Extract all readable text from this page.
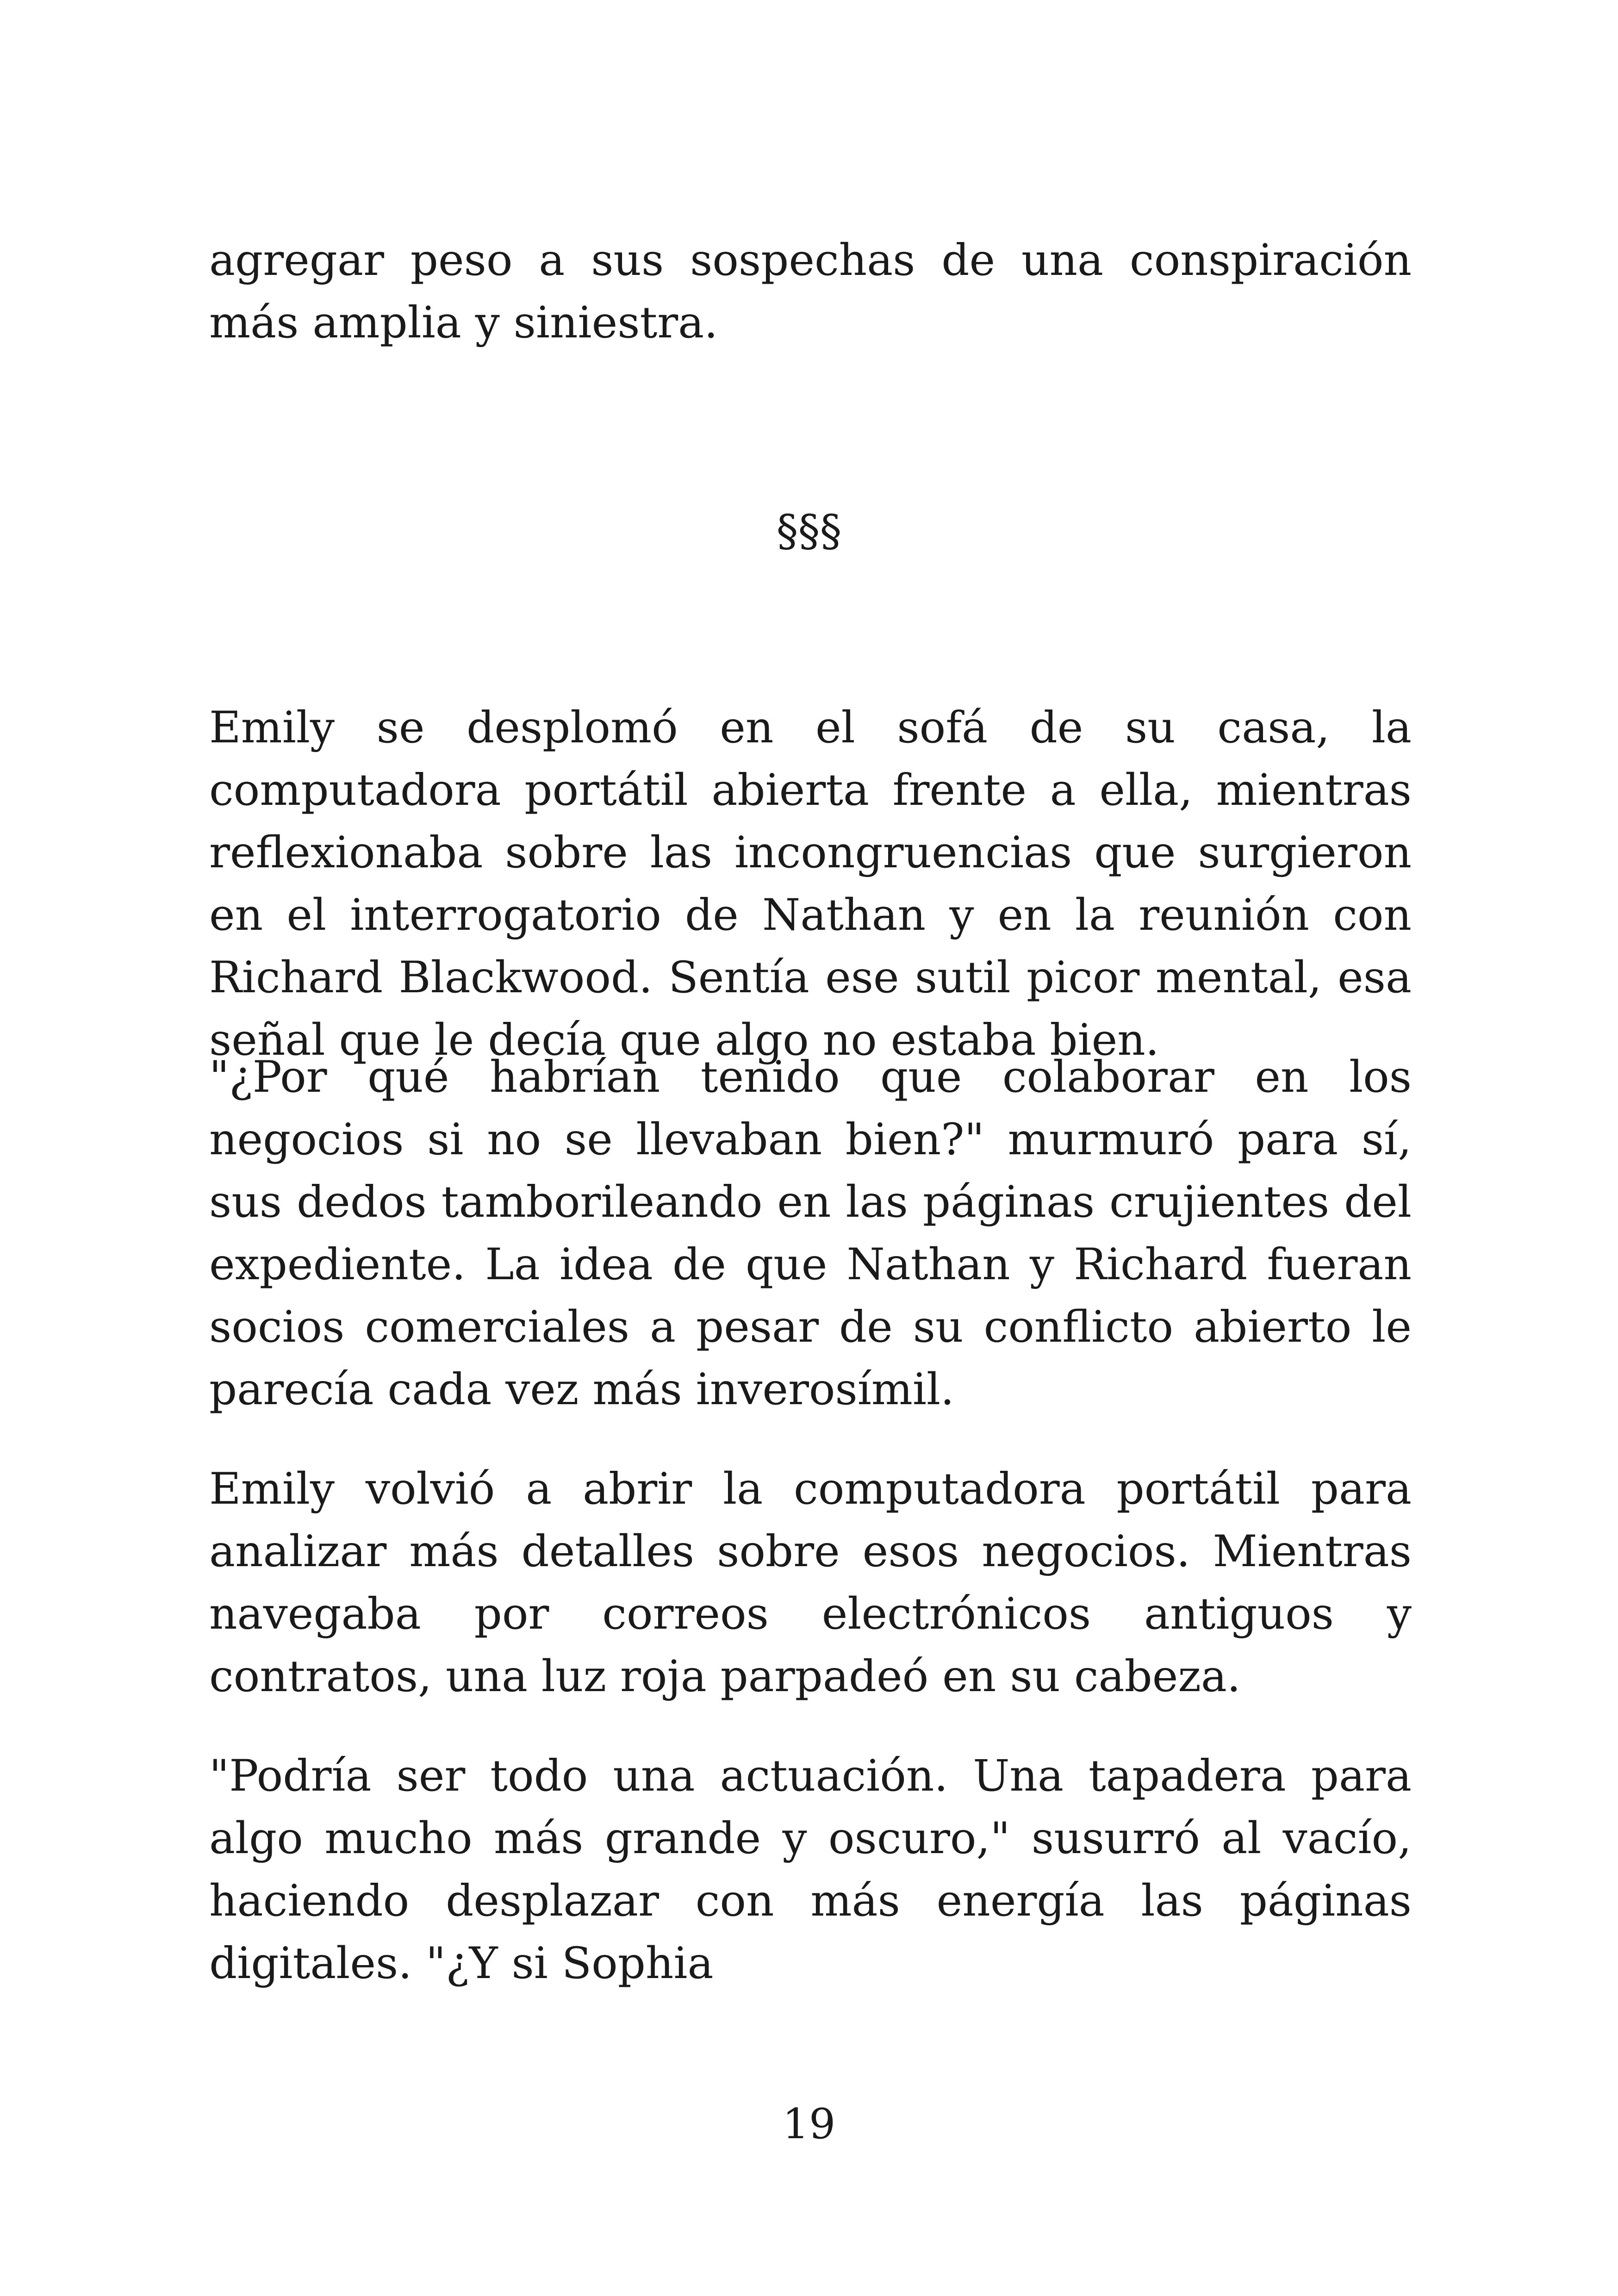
agregar peso a sus sospechas de una conspiración más amplia y siniestra.

§§§

Emily se desplomó en el sofá de su casa, la computadora portátil abierta frente a ella, mientras reflexionaba sobre las incongruencias que surgieron en el interrogatorio de Nathan y en la reunión con Richard Blackwood. Sentía ese sutil picor mental, esa señal que le decía que algo no estaba bien.

"¿Por qué habrían tenido que colaborar en los negocios si no se llevaban bien?" murmuró para sí, sus dedos tamborileando en las páginas crujientes del expediente. La idea de que Nathan y Richard fueran socios comerciales a pesar de su conflicto abierto le parecía cada vez más inverosímil.

Emily volvió a abrir la computadora portátil para analizar más detalles sobre esos negocios. Mientras navegaba por correos electrónicos antiguos y contratos, una luz roja parpadeó en su cabeza.

"Podría ser todo una actuación. Una tapadera para algo mucho más grande y oscuro," susurró al vacío, haciendo desplazar con más energía las páginas digitales. "¿Y si Sophia

19
